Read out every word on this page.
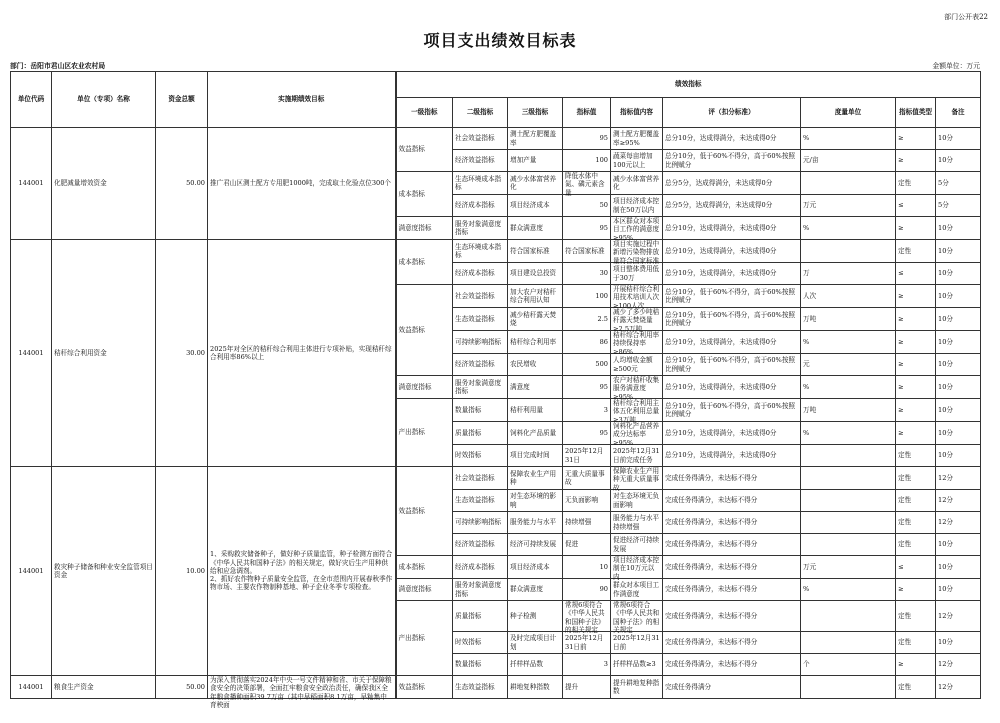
部门公开表22
项目支出绩效目标表
部门：岳阳市君山区农业农村局	金额单位：万元
单位代码	单位（专项）名称	资金总额	实施期绩效目标	绩效指标								
				一级指标	二级指标	三级指标	指标值	指标值内容	评（扣分标准）	度量单位	指标值类型	备注

144001	化肥减量增效资金	50.00	推广君山区测土配方专用肥1000吨，完成取土化验点位300个	效益指标	社会效益指标	测土配方肥覆盖率	95	测土配方肥覆盖率≥95%	总分10分，达成得满分，未达成得0分	%	≥	10分

					经济效益指标	增加产量	100	蔬菜每亩增加100元以上	总分10分，低于60%不得分，高于60%按照比例赋分	元/亩	≥	10分

				成本指标	生态环境成本指标	减少水体富营养化	降低水体中氮、磷元素含量	减少水体富营养化	总分5分，达成得满分，未达成得0分		定性	5分

					经济成本指标	项目经济成本	50	项目经济成本控制在50万以内	总分5分，达成得满分，未达成得0分	万元	≤	5分

				满意度指标	服务对象满意度指标	群众满意度	95	本区群众对本项目工作的满意度≥95%	总分10分，达成得满分，未达成得0分	%	≥	10分

144001	秸秆综合利用资金	30.00	2025年对全区的秸秆综合利用主体进行专项补贴，实现秸秆综合利用率86%以上	成本指标	生态环境成本指标	符合国家标准	符合国家标准	项目实施过程中新增污染物排放量符合国家标准	总分10分，达成得满分，未达成得0分		定性	10分

					经济成本指标	项目建设总投资	30	项目整体费用低于30万	总分10分，达成得满分，未达成得0分	万	≤	10分

				效益指标	社会效益指标	加大农户对秸秆综合利用认知	100	开展秸秆综合利用技术培训人次≥100人次	总分10分，低于60%不得分，高于60%按照比例赋分	人次	≥	10分

					生态效益指标	减少秸秆露天焚烧	2.5	减少了多少吨秸秆露天焚烧量≥2.5万吨	总分10分，低于60%不得分，高于60%按照比例赋分	万吨	≥	10分

					可持续影响指标	秸秆综合利用率	86	秸秆综合利用率持续保持率≥86%	总分10分，达成得满分，未达成得0分	%	≥	10分

					经济效益指标	农民增收	500	人均增收金额≥500元	总分10分，低于60%不得分，高于60%按照比例赋分	元	≥	10分

				满意度指标	服务对象满意度指标	满意度	95	农户对秸秆收集服务满意度≥95%	总分10分，达成得满分，未达成得0分	%	≥	10分

				产出指标	数量指标	秸秆利用量	3	秸秆综合利用主体五化利用总量≥3万吨	总分10分，低于60%不得分，高于60%按照比例赋分	万吨	≥	10分

					质量指标	饲料化产品质量	95	饲料化产品营养成分达标率≥95%	总分10分，达成得满分，未达成得0分	%	≥	10分

					时效指标	项目完成时间	2025年12月31日	2025年12月31日前完成任务	总分10分，达成得满分，未达成得0分		定性	10分

144001	救灾种子储备和种业安全监管项目资金	10.00	1、采购救灾储备种子，做好种子质量监管，种子检测方面符合《中华人民共和国种子法》的相关规定，做好灾后生产用种供给和应急调剂。
2、抓好农作物种子质量安全监管，在全市范围内开展春秋季作物市场、主要农作物制种基地、种子企业冬季专项检查。	效益指标	社会效益指标	保障农业生产用种	无重大质量事故	保障农业生产用种无重大质量事故	完成任务得满分，未达标不得分		定性	12分

					生态效益指标	对生态环境的影响	无负面影响	对生态环境无负面影响	完成任务得满分，未达标不得分		定性	12分

					可持续影响指标	服务能力与水平	持续增强	服务能力与水平持续增强	完成任务得满分，未达标不得分		定性	12分

					经济效益指标	经济可持续发展	促进	促进经济可持续发展	完成任务得满分，未达标不得分		定性	10分

				成本指标	经济成本指标	项目经济成本	10	项目经济成本控制在10万元以内	完成任务得满分，未达标不得分	万元	≤	10分

				满意度指标	服务对象满意度指标	群众满意度	90	群众对本项目工作满意度	完成任务得满分，未达标不得分	%	≥	10分

				产出指标	质量指标	种子检测	常规6项符合《中华人民共和国种子法》的相关规定	常规6项符合《中华人民共和国种子法》的相关规定	完成任务得满分，未达标不得分		定性	12分

					时效指标	及时完成项目计划	2025年12月31日前	2025年12月31日前	完成任务得满分，未达标不得分		定性	10分

					数量指标	扦样样品数	3	扦样样品数≥3	完成任务得满分，未达标不得分	个	≥	12分

144001	粮食生产资金	50.00	为深入贯彻落实2024年中央一号文件精神和省、市关于保障粮食安全的决策部署，全面扛牢粮食安全政治责任，确保我区全年粮食播种面积39.7万亩（其中早稻面积8.1万亩，早籼集中育秧面	效益指标	生态效益指标	耕地复种指数	提升	提升耕地复种指数	完成任务得满分		定性	12分
